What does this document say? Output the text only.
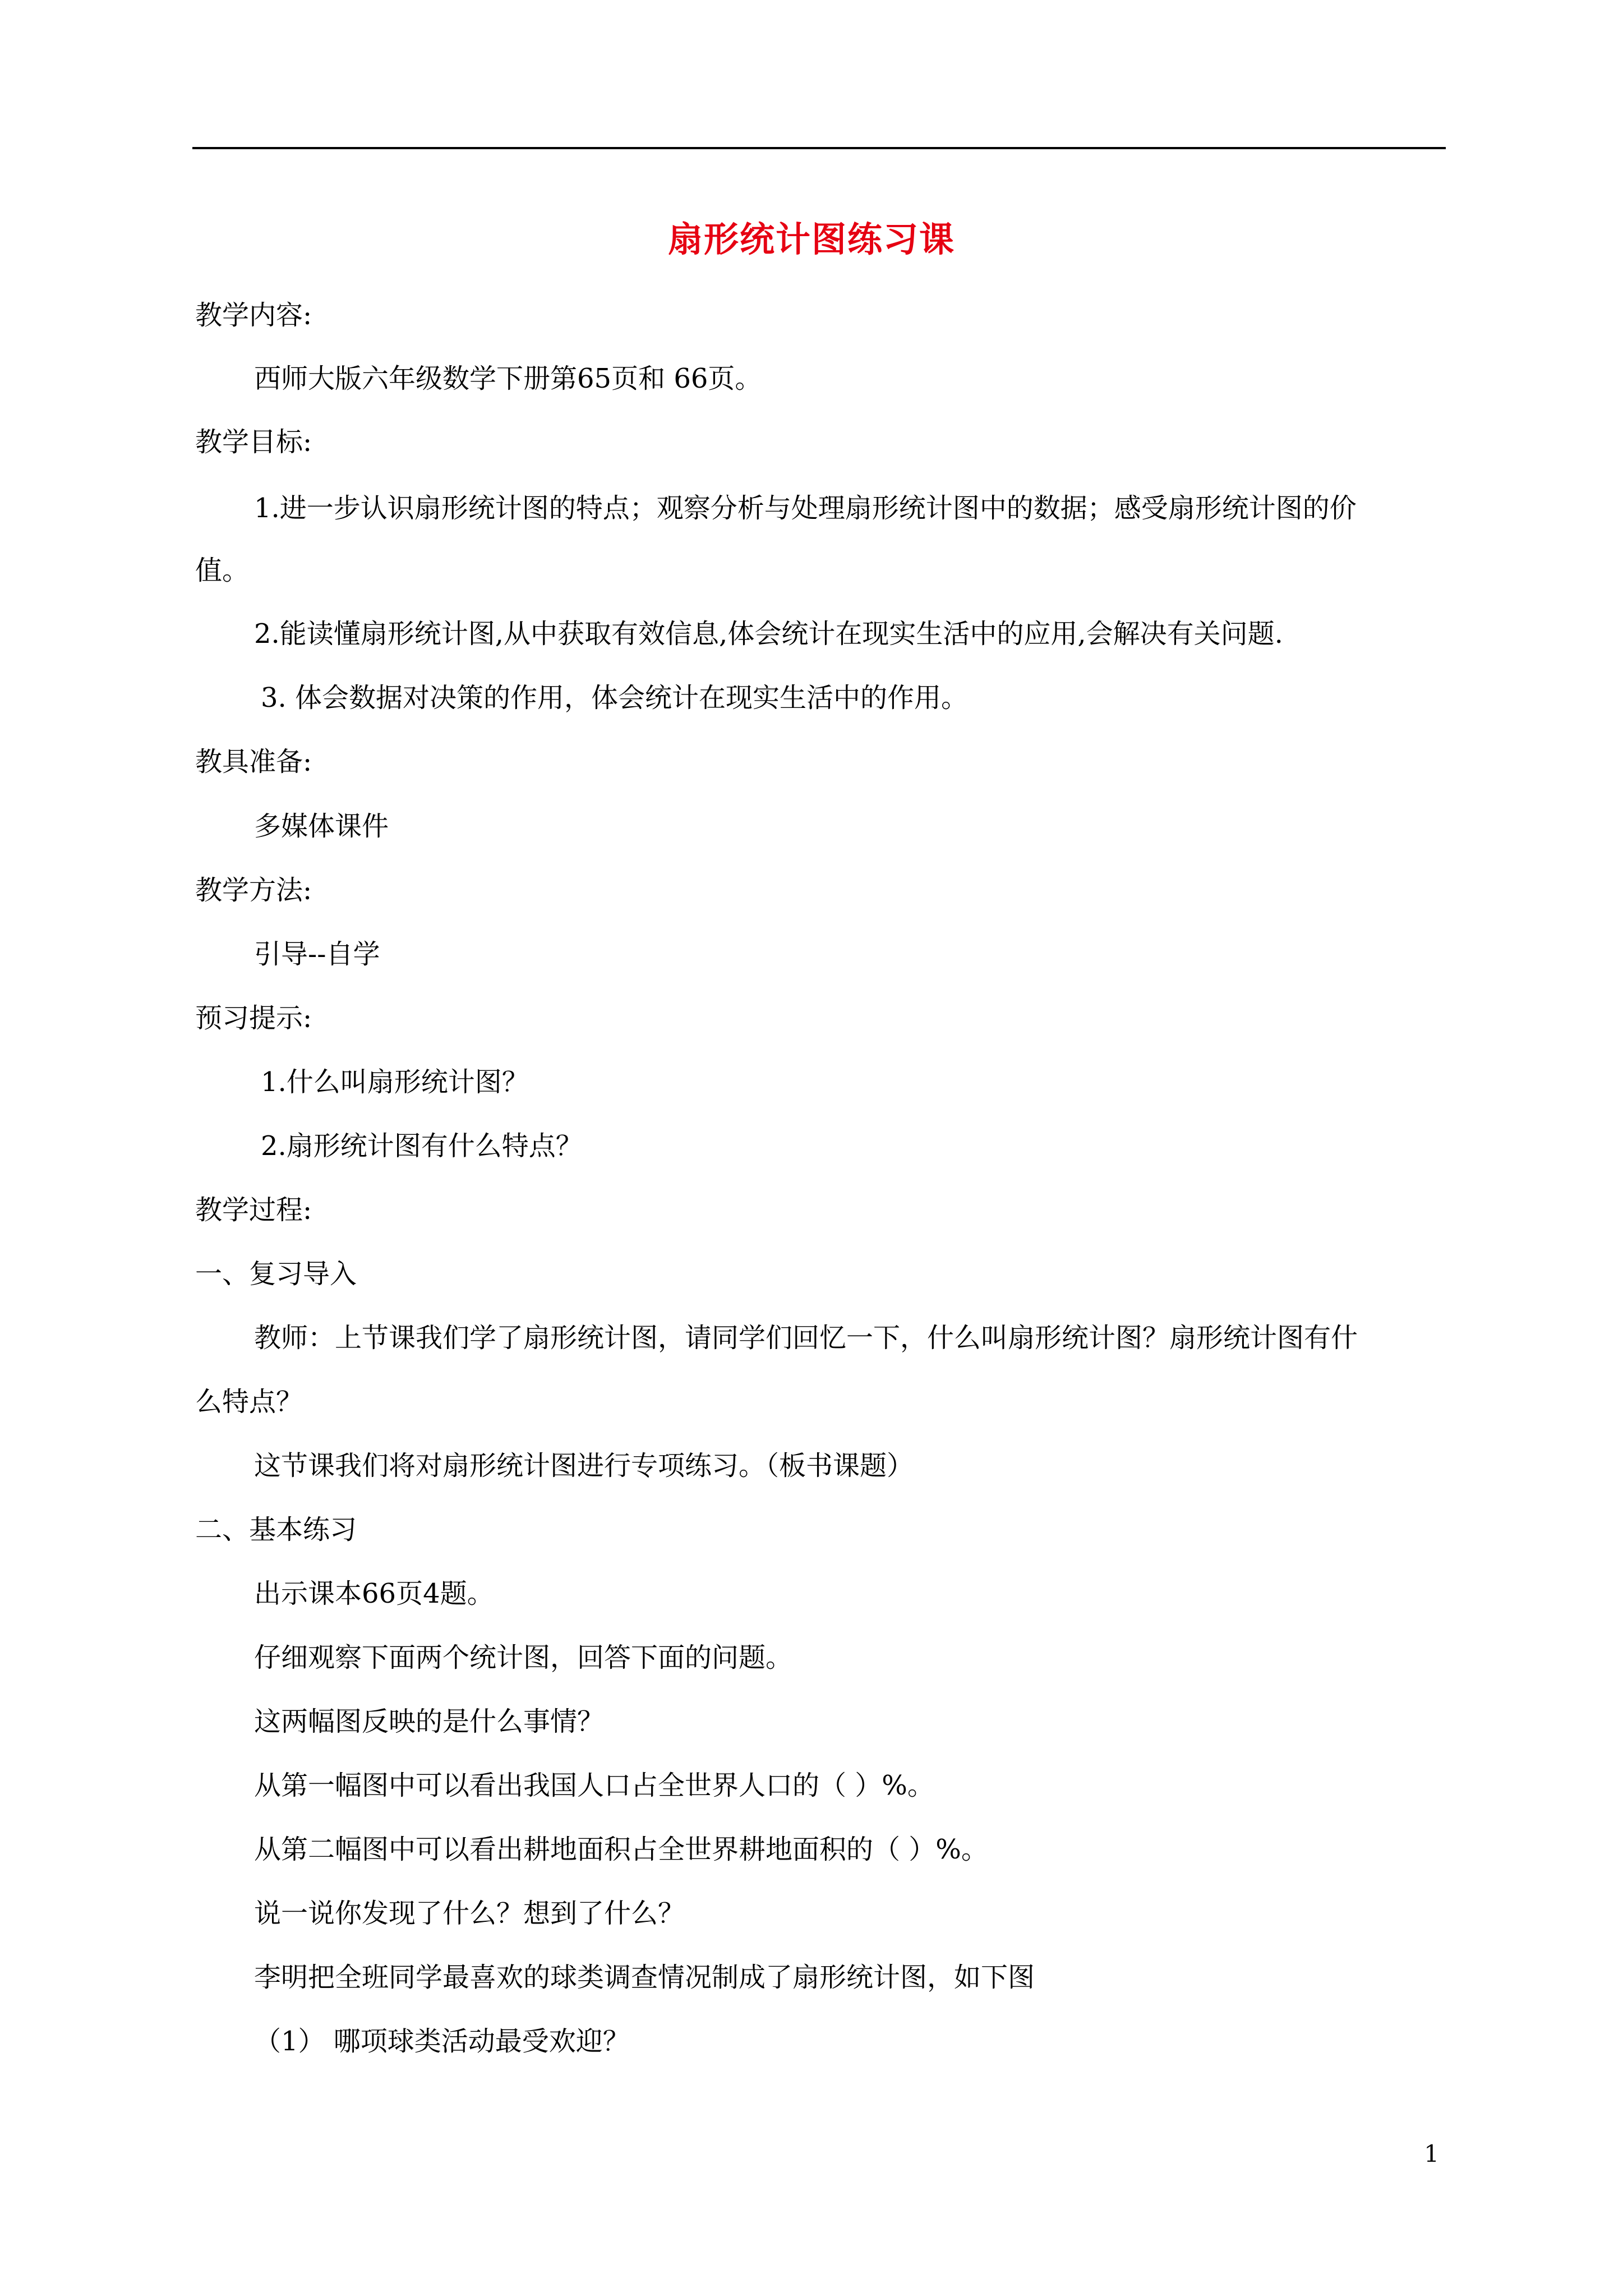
扇形统计图练习课
教学内容:
西师大版六年级数学下册第65页和 66页。
教学目标:
1.进一步认识扇形统计图的特点；观察分析与处理扇形统计图中的数据；感受扇形统计图的价
值。
2.能读懂扇形统计图,从中获取有效信息,体会统计在现实生活中的应用,会解决有关问题.
3. 体会数据对决策的作用，体会统计在现实生活中的作用。
教具准备:
多媒体课件
教学方法:
引导--自学
预习提示:
1.什么叫扇形统计图？
2.扇形统计图有什么特点？
教学过程:
一、复习导入
教师：上节课我们学了扇形统计图，请同学们回忆一下，什么叫扇形统计图？扇形统计图有什
么特点？
这节课我们将对扇形统计图进行专项练习。（板书课题）
二、基本练习
出示课本66页4题。
仔细观察下面两个统计图，回答下面的问题。
这两幅图反映的是什么事情？
从第一幅图中可以看出我国人口占全世界人口的（ ）%。
从第二幅图中可以看出耕地面积占全世界耕地面积的（ ）%。
说一说你发现了什么？想到了什么？
李明把全班同学最喜欢的球类调查情况制成了扇形统计图，如下图
（1） 哪项球类活动最受欢迎？
1
